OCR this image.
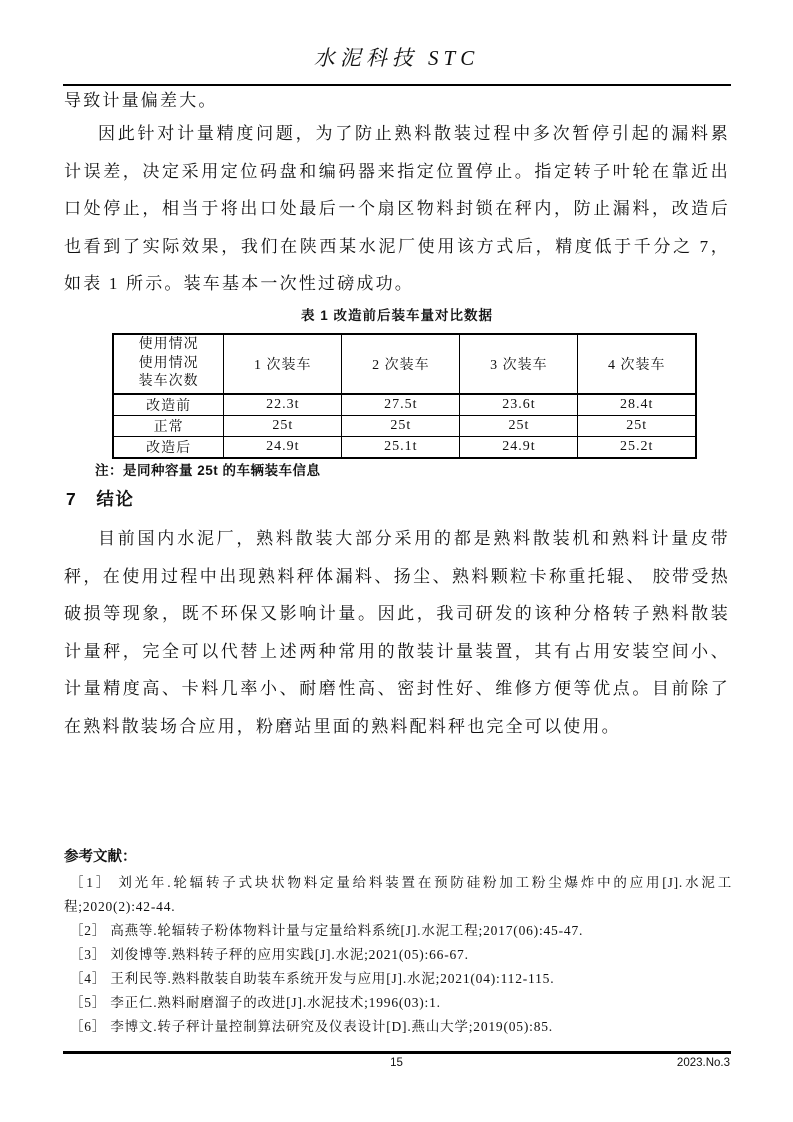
水泥科技 STC
导致计量偏差大。
因此针对计量精度问题，为了防止熟料散装过程中多次暂停引起的漏料累计误差，决定采用定位码盘和编码器来指定位置停止。指定转子叶轮在靠近出口处停止，相当于将出口处最后一个扇区物料封锁在秤内，防止漏料，改造后也看到了实际效果，我们在陕西某水泥厂使用该方式后，精度低于千分之 7，如表 1 所示。装车基本一次性过磅成功。
表 1 改造前后装车量对比数据
使用情况
使用情况
装车次数	1 次装车	2 次装车	3 次装车	4 次装车
改造前	22.3t	27.5t	23.6t	28.4t
正常	25t	25t	25t	25t
改造后	24.9t	25.1t	24.9t	25.2t
注：是同种容量 25t 的车辆装车信息
7   结论
目前国内水泥厂，熟料散装大部分采用的都是熟料散装机和熟料计量皮带秤，在使用过程中出现熟料秤体漏料、扬尘、熟料颗粒卡称重托辊、 胶带受热破损等现象，既不环保又影响计量。因此，我司研发的该种分格转子熟料散装计量秤，完全可以代替上述两种常用的散装计量装置，其有占用安装空间小、计量精度高、卡料几率小、耐磨性高、密封性好、维修方便等优点。目前除了在熟料散装场合应用，粉磨站里面的熟料配料秤也完全可以使用。
参考文献：
［1］ 刘光年.轮辐转子式块状物料定量给料装置在预防硅粉加工粉尘爆炸中的应用[J].水泥工程;2020(2):42-44.
［2］ 高燕等.轮辐转子粉体物料计量与定量给料系统[J].水泥工程;2017(06):45-47.
［3］ 刘俊博等.熟料转子秤的应用实践[J].水泥;2021(05):66-67.
［4］ 王利民等.熟料散装自助装车系统开发与应用[J].水泥;2021(04):112-115.
［5］ 李正仁.熟料耐磨溜子的改进[J].水泥技术;1996(03):1.
［6］ 李博文.转子秤计量控制算法研究及仪表设计[D].燕山大学;2019(05):85.
15	2023.No.3
